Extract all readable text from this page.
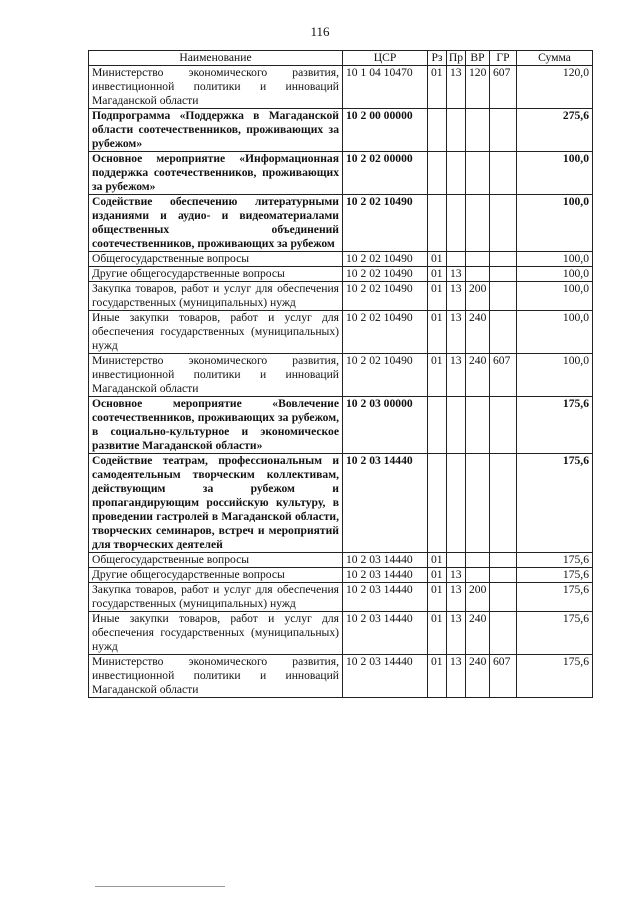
116
Наименование	ЦСР	Рз	Пр	ВР	ГР	Сумма
Министерство экономического развития, инвестиционной политики и инноваций Магаданской области	10 1 04 10470	01	13	120	607	120,0
Подпрограмма «Поддержка в Магаданской области соотечественников, проживающих за рубежом»	10 2 00 00000					275,6
Основное мероприятие «Информационная поддержка соотечественников, проживающих за рубежом»	10 2 02 00000					100,0
Содействие обеспечению литературными изданиями и аудио- и видеоматериалами общественных объединений соотечественников, проживающих за рубежом	10 2 02 10490					100,0
Общегосударственные вопросы	10 2 02 10490	01				100,0
Другие общегосударственные вопросы	10 2 02 10490	01	13			100,0
Закупка товаров, работ и услуг для обеспечения государственных (муниципальных) нужд	10 2 02 10490	01	13	200		100,0
Иные закупки товаров, работ и услуг для обеспечения государственных (муниципальных) нужд	10 2 02 10490	01	13	240		100,0
Министерство экономического развития, инвестиционной политики и инноваций Магаданской области	10 2 02 10490	01	13	240	607	100,0
Основное мероприятие «Вовлечение соотечественников, проживающих за рубежом, в социально-культурное и экономическое развитие Магаданской области»	10 2 03 00000					175,6
Содействие театрам, профессиональным и самодеятельным творческим коллективам, действующим за рубежом и пропагандирующим российскую культуру, в проведении гастролей в Магаданской области, творческих семинаров, встреч и мероприятий для творческих деятелей	10 2 03 14440					175,6
Общегосударственные вопросы	10 2 03 14440	01				175,6
Другие общегосударственные вопросы	10 2 03 14440	01	13			175,6
Закупка товаров, работ и услуг для обеспечения государственных (муниципальных) нужд	10 2 03 14440	01	13	200		175,6
Иные закупки товаров, работ и услуг для обеспечения государственных (муниципальных) нужд	10 2 03 14440	01	13	240		175,6
Министерство экономического развития, инвестиционной политики и инноваций Магаданской области	10 2 03 14440	01	13	240	607	175,6
